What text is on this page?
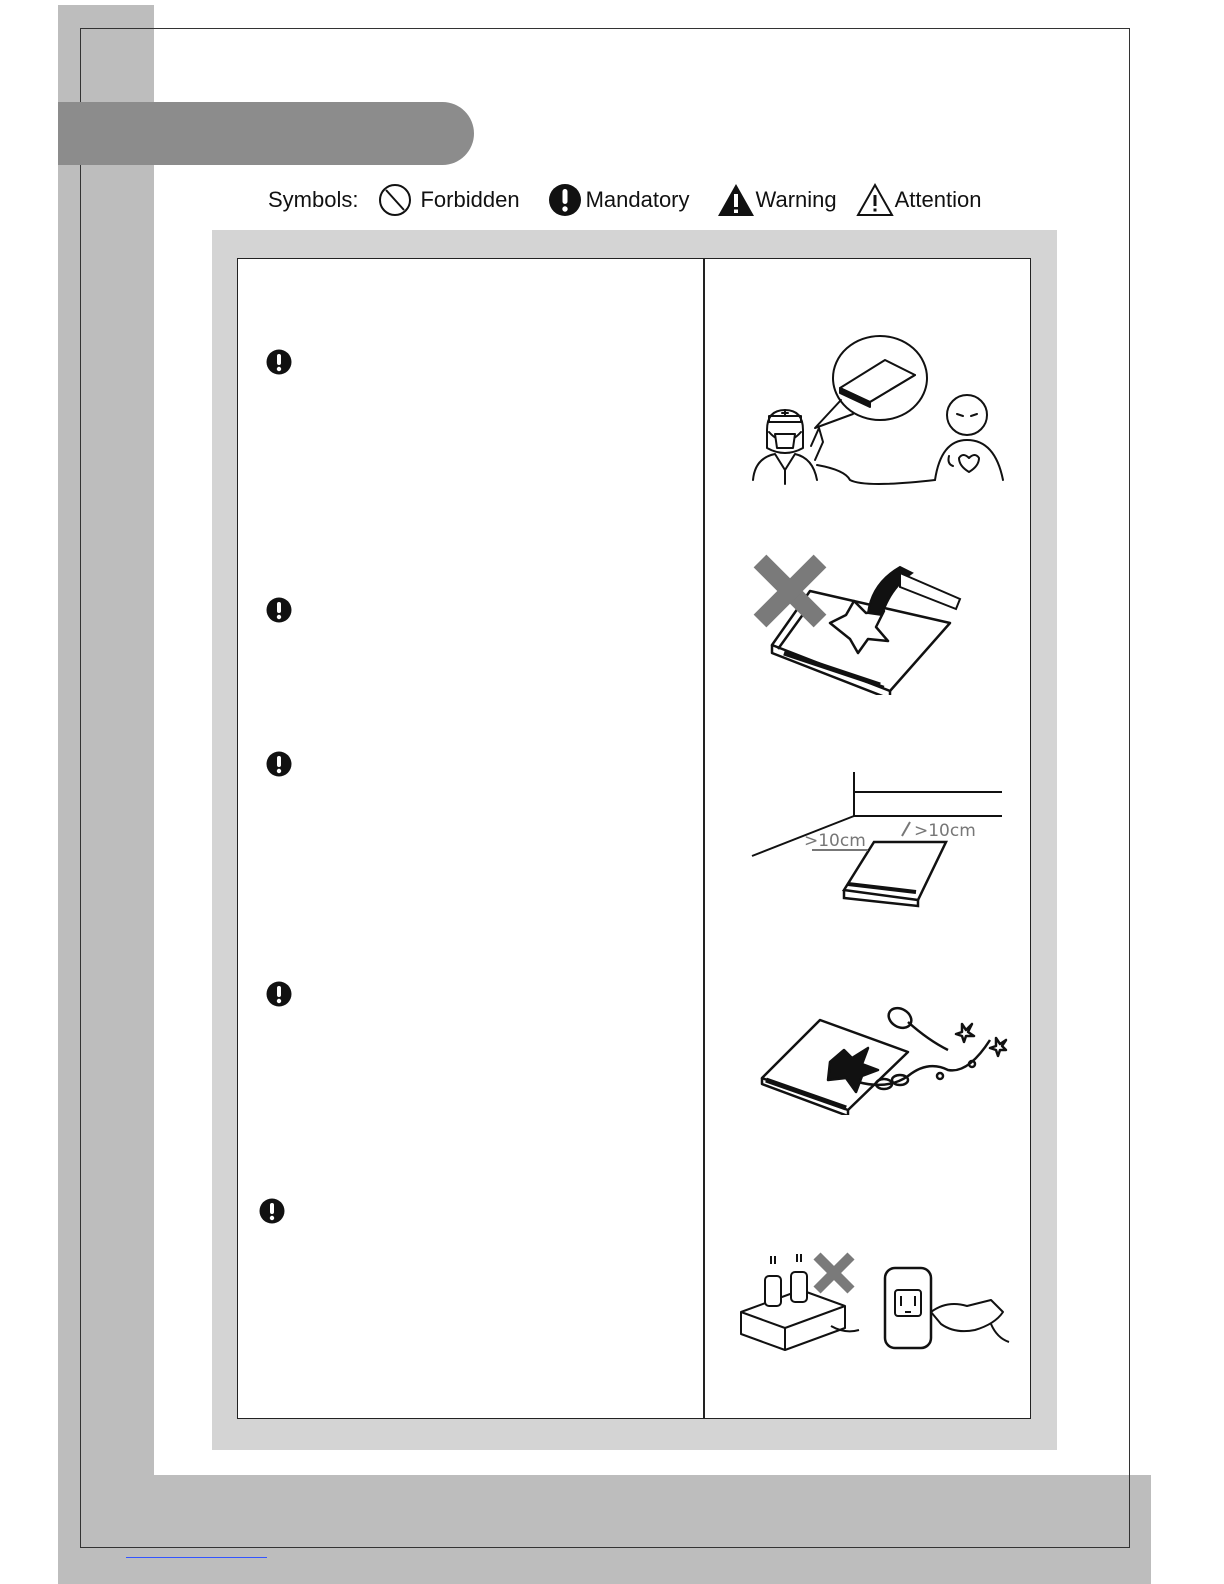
Symbols:	Forbidden	Mandatory	Warning	Attention
>10cm	>10cm
